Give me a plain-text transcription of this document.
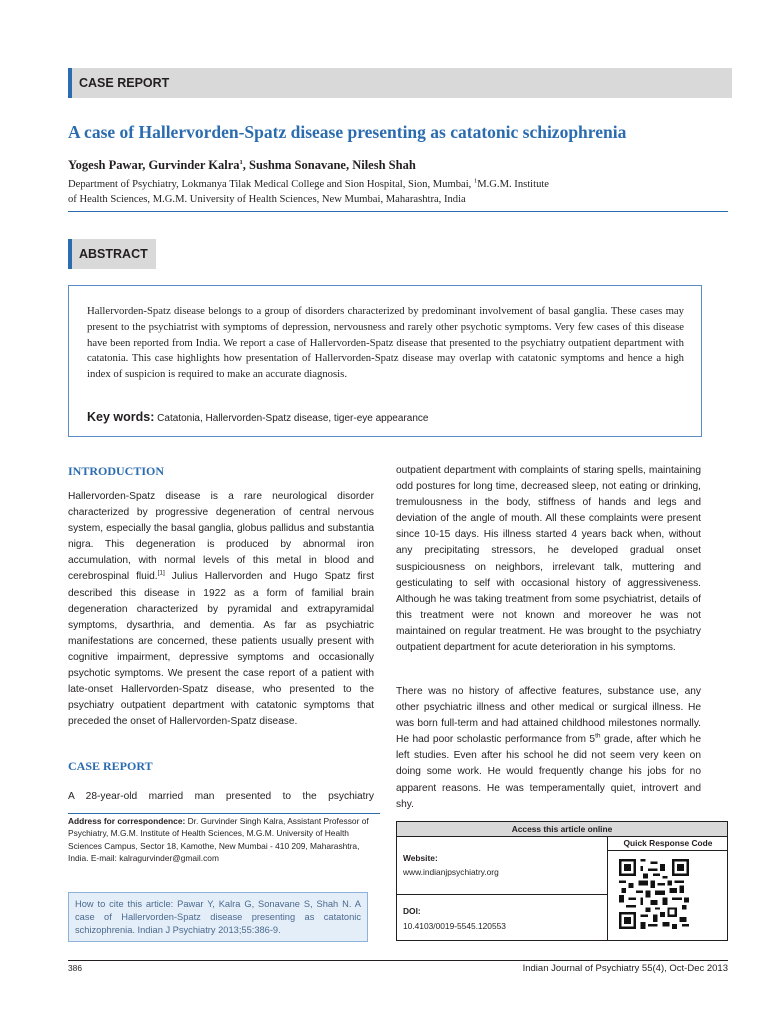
CASE REPORT
A case of Hallervorden-Spatz disease presenting as catatonic schizophrenia
Yogesh Pawar, Gurvinder Kalra$^1$, Sushma Sonavane, Nilesh Shah
Department of Psychiatry, Lokmanya Tilak Medical College and Sion Hospital, Sion, Mumbai, $^1$M.G.M. Institute
of Health Sciences, M.G.M. University of Health Sciences, New Mumbai, Maharashtra, India
ABSTRACT
Hallervorden-Spatz disease belongs to a group of disorders characterized by predominant involvement of basal ganglia. These cases may present to the psychiatrist with symptoms of depression, nervousness and rarely other psychotic symptoms. Very few cases of this disease have been reported from India. We report a case of Hallervorden-Spatz disease that presented to the psychiatry outpatient department with catatonia. This case highlights how presentation of Hallervorden-Spatz disease may overlap with catatonic symptoms and hence a high index of suspicion is required to make an accurate diagnosis.
Key words: Catatonia, Hallervorden-Spatz disease, tiger-eye appearance
INTRODUCTION

Hallervorden-Spatz disease is a rare neurological disorder characterized by progressive degeneration of central nervous system, especially the basal ganglia, globus pallidus and substantia nigra. This degeneration is produced by abnormal iron accumulation, with normal levels of this metal in blood and cerebrospinal fluid.[1] Julius Hallervorden and Hugo Spatz first described this disease in 1922 as a form of familial brain degeneration characterized by pyramidal and extrapyramidal symptoms, dysarthria, and dementia. As far as psychiatric manifestations are concerned, these patients usually present with cognitive impairment, depressive symptoms and occasionally psychotic symptoms. We present the case report of a patient with late-onset Hallervorden-Spatz disease, who presented to the psychiatry outpatient department with catatonic symptoms that preceded the onset of Hallervorden-Spatz disease.

CASE REPORT
A 28-year-old married man presented to the psychiatry
outpatient department with complaints of staring spells, maintaining odd postures for long time, decreased sleep, not eating or drinking, tremulousness in the body, stiffness of hands and legs and deviation of the angle of mouth. All these complaints were present since 10-15 days. His illness started 4 years back when, without any precipitating stressors, he developed gradual onset suspiciousness on neighbors, irrelevant talk, muttering and gesticulating to self with occasional history of aggressiveness. Although he was taking treatment from some psychiatrist, details of this treatment were not known and moreover he was not maintained on regular treatment. He was brought to the psychiatry outpatient department for acute deterioration in his symptoms.

There was no history of affective features, substance use, any other psychiatric illness and other medical or surgical illness. He was born full-term and had attained childhood milestones normally. He had poor scholastic performance from 5th grade, after which he left studies. Even after his school he did not seem very keen on doing some work. He would frequently change his jobs for no apparent reasons. He was temperamentally quiet, introvert and shy.

Address for correspondence: Dr. Gurvinder Singh Kalra, Assistant Professor of Psychiatry, M.G.M. Institute of Health Sciences, M.G.M. University of Health Sciences Campus, Sector 18, Kamothe, New Mumbai - 410 209, Maharashtra, India. E-mail: kalragurvinder@gmail.com
How to cite this article: Pawar Y, Kalra G, Sonavane S, Shah N. A case of Hallervorden-Spatz disease presenting as catatonic schizophrenia. Indian J Psychiatry 2013;55:386-9.
Access this article online
Website:
www.indianjpsychiatry.org
DOI:
10.4103/0019-5545.120553
Quick Response Code
386	Indian Journal of Psychiatry 55(4), Oct-Dec 2013
